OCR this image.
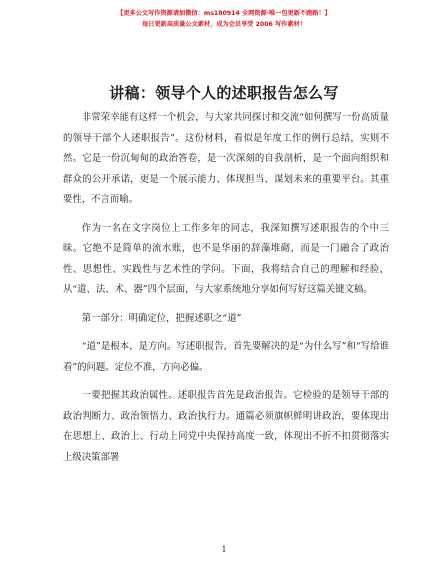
【更多公文写作资源请加微信：ms180914 全网资源·唯一包更新不跑路！】
每日更新高质量公文素材，成为会员享受 2006 写作素材！
讲稿：领导个人的述职报告怎么写

非常荣幸能有这样一个机会，与大家共同探讨和交流“如何撰写一份高质量的领导干部个人述职报告”。这份材料，看似是年度工作的例行总结，实则不然。它是一份沉甸甸的政治答卷，是一次深刻的自我剖析，是一个面向组织和群众的公开承诺，更是一个展示能力、体现担当、谋划未来的重要平台。其重要性，不言而喻。

作为一名在文字岗位上工作多年的同志，我深知撰写述职报告的个中三昧。它绝不是简单的流水账，也不是华丽的辞藻堆砌，而是一门融合了政治性、思想性、实践性与艺术性的学问。下面，我将结合自己的理解和经验，从“道、法、术、器”四个层面，与大家系统地分享如何写好这篇关键文稿。

第一部分：明确定位，把握述职之“道”

“道”是根本，是方向。写述职报告，首先要解决的是“为什么写”和“写给谁看”的问题。定位不准，方向必偏。

一要把握其政治属性。述职报告首先是政治报告。它检验的是领导干部的政治判断力、政治领悟力、政治执行力。通篇必须旗帜鲜明讲政治，要体现出在思想上、政治上、行动上同党中央保持高度一致，体现出不折不扣贯彻落实上级决策部署

1
